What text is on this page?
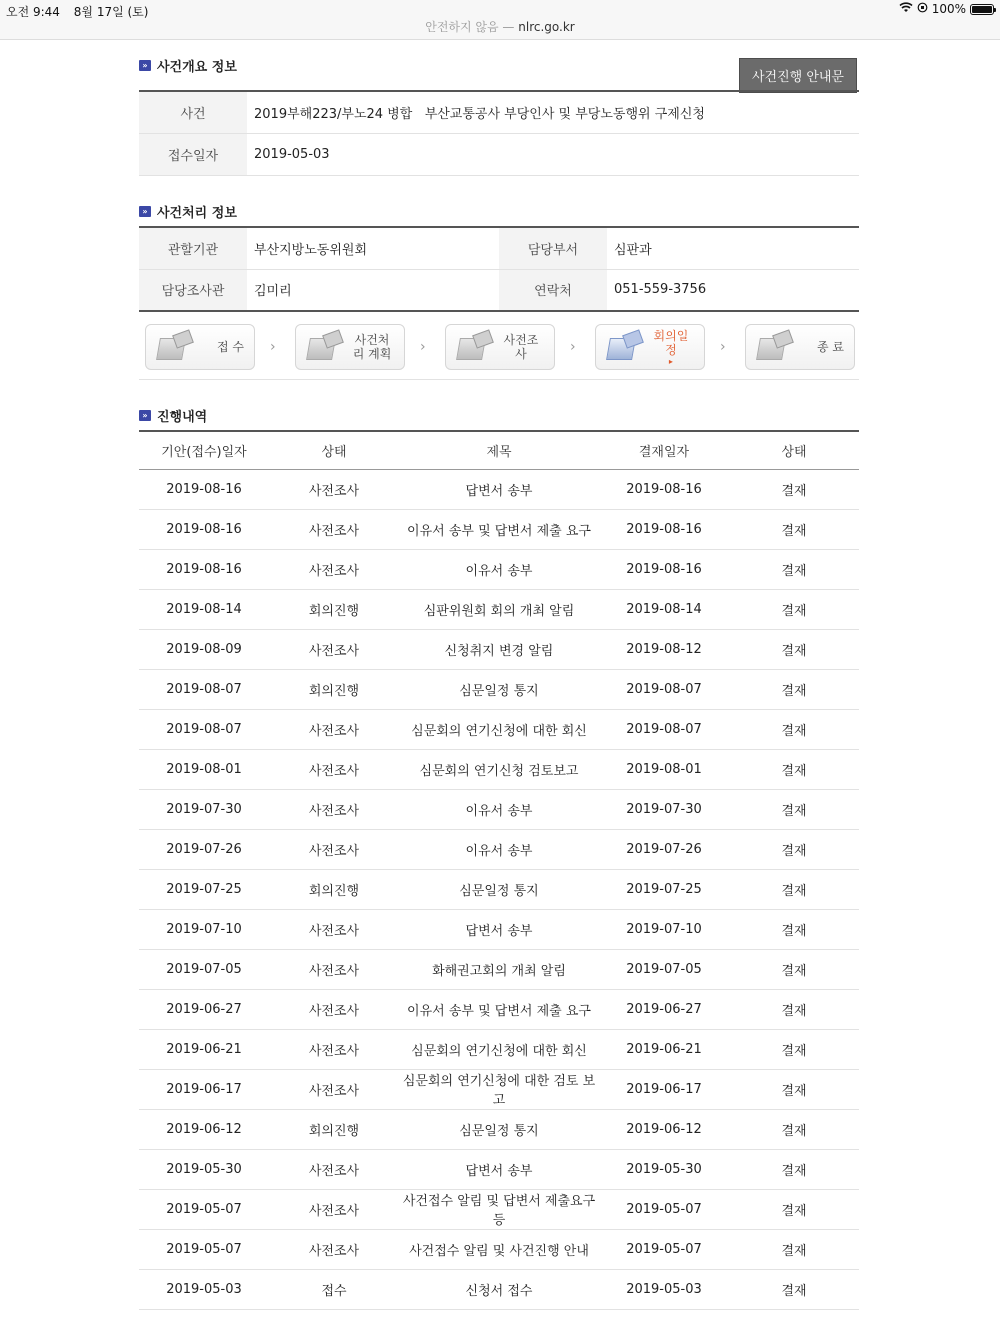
오전 9:44 8월 17일 (토)
안전하지 않음 — nlrc.go.kr
100%
» 사건개요 정보
사건진행 안내문
사건	2019부해223/부노24 병합   부산교통공사 부당인사 및 부당노동행위 구제신청
접수일자	2019-05-03
» 사건처리 정보
관할기관	부산지방노동위원회	담당부서	심판과
담당조사관	김미리	연락처	051-559-3756
접 수 ›	사건처리 계획 ›	사전조사	›
회의일정
▸
›	종 료
» 진행내역
기안(접수)일자	상태	제목	결재일자	상태
2019-08-16	사전조사	답변서 송부	2019-08-16	결재
2019-08-16	사전조사	이유서 송부 및 답변서 제출 요구	2019-08-16	결재
2019-08-16	사전조사	이유서 송부	2019-08-16	결재
2019-08-14	회의진행	심판위원회 회의 개최 알림	2019-08-14	결재
2019-08-09	사전조사	신청취지 변경 알림	2019-08-12	결재
2019-08-07	회의진행	심문일정 통지	2019-08-07	결재
2019-08-07	사전조사	심문회의 연기신청에 대한 회신	2019-08-07	결재
2019-08-01	사전조사	심문회의 연기신청 검토보고	2019-08-01	결재
2019-07-30	사전조사	이유서 송부	2019-07-30	결재
2019-07-26	사전조사	이유서 송부	2019-07-26	결재
2019-07-25	회의진행	심문일정 통지	2019-07-25	결재
2019-07-10	사전조사	답변서 송부	2019-07-10	결재
2019-07-05	사전조사	화해권고회의 개최 알림	2019-07-05	결재
2019-06-27	사전조사	이유서 송부 및 답변서 제출 요구	2019-06-27	결재
2019-06-21	사전조사	심문회의 연기신청에 대한 회신	2019-06-21	결재
2019-06-17	사전조사	심문회의 연기신청에 대한 검토 보고	2019-06-17	결재
2019-06-12	회의진행	심문일정 통지	2019-06-12	결재
2019-05-30	사전조사	답변서 송부	2019-05-30	결재
2019-05-07	사전조사	사건접수 알림 및 답변서 제출요구 등	2019-05-07	결재
2019-05-07	사전조사	사건접수 알림 및 사건진행 안내	2019-05-07	결재
2019-05-03	접수	신청서 접수	2019-05-03	결재
